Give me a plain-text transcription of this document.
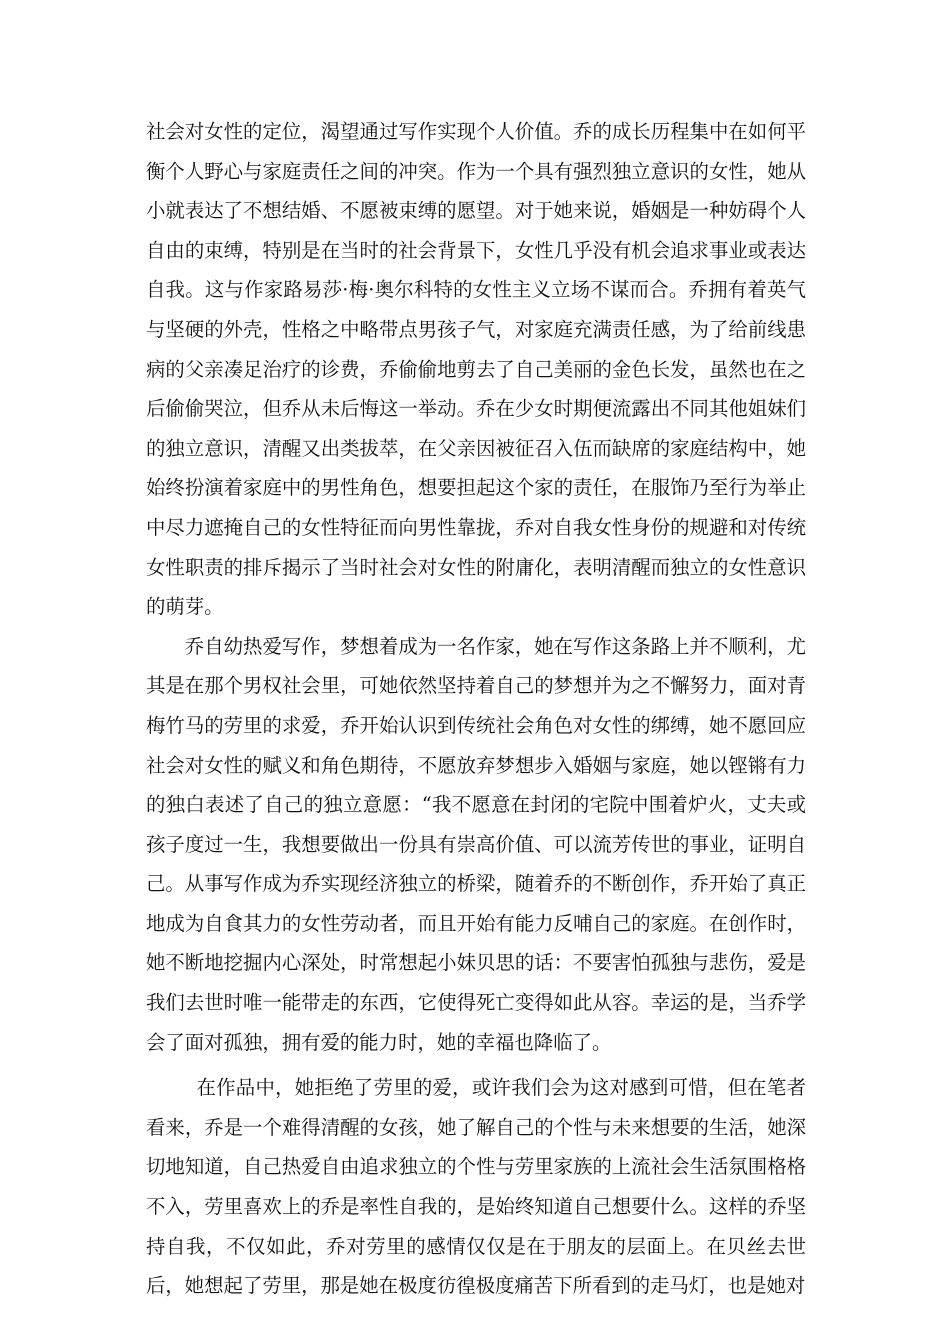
社会对女性的定位，渴望通过写作实现个人价值。乔的成长历程集中在如何平衡个人野心与家庭责任之间的冲突。作为一个具有强烈独立意识的女性，她从小就表达了不想结婚、不愿被束缚的愿望。对于她来说，婚姻是一种妨碍个人自由的束缚，特别是在当时的社会背景下，女性几乎没有机会追求事业或表达自我。这与作家路易莎·梅·奥尔科特的女性主义立场不谋而合。乔拥有着英气与坚硬的外壳，性格之中略带点男孩子气，对家庭充满责任感，为了给前线患病的父亲凑足治疗的诊费，乔偷偷地剪去了自己美丽的金色长发，虽然也在之后偷偷哭泣，但乔从未后悔这一举动。乔在少女时期便流露出不同其他姐妹们的独立意识，清醒又出类拔萃，在父亲因被征召入伍而缺席的家庭结构中，她始终扮演着家庭中的男性角色，想要担起这个家的责任，在服饰乃至行为举止中尽力遮掩自己的女性特征而向男性靠拢，乔对自我女性身份的规避和对传统女性职责的排斥揭示了当时社会对女性的附庸化，表明清醒而独立的女性意识的萌芽。

乔自幼热爱写作，梦想着成为一名作家，她在写作这条路上并不顺利，尤其是在那个男权社会里，可她依然坚持着自己的梦想并为之不懈努力，面对青梅竹马的劳里的求爱，乔开始认识到传统社会角色对女性的绑缚，她不愿回应社会对女性的赋义和角色期待，不愿放弃梦想步入婚姻与家庭，她以铿锵有力的独白表述了自己的独立意愿：“我不愿意在封闭的宅院中围着炉火，丈夫或孩子度过一生，我想要做出一份具有崇高价值、可以流芳传世的事业，证明自己。从事写作成为乔实现经济独立的桥梁，随着乔的不断创作，乔开始了真正地成为自食其力的女性劳动者，而且开始有能力反哺自己的家庭。在创作时，她不断地挖掘内心深处，时常想起小妹贝思的话：不要害怕孤独与悲伤，爱是我们去世时唯一能带走的东西，它使得死亡变得如此从容。幸运的是，当乔学会了面对孤独，拥有爱的能力时，她的幸福也降临了。

在作品中，她拒绝了劳里的爱，或许我们会为这对感到可惜，但在笔者看来，乔是一个难得清醒的女孩，她了解自己的个性与未来想要的生活，她深切地知道，自己热爱自由追求独立的个性与劳里家族的上流社会生活氛围格格不入，劳里喜欢上的乔是率性自我的，是始终知道自己想要什么。这样的乔坚持自我，不仅如此，乔对劳里的感情仅仅是在于朋友的层面上。在贝丝去世后，她想起了劳里，那是她在极度彷徨极度痛苦下所看到的走马灯，也是她对
